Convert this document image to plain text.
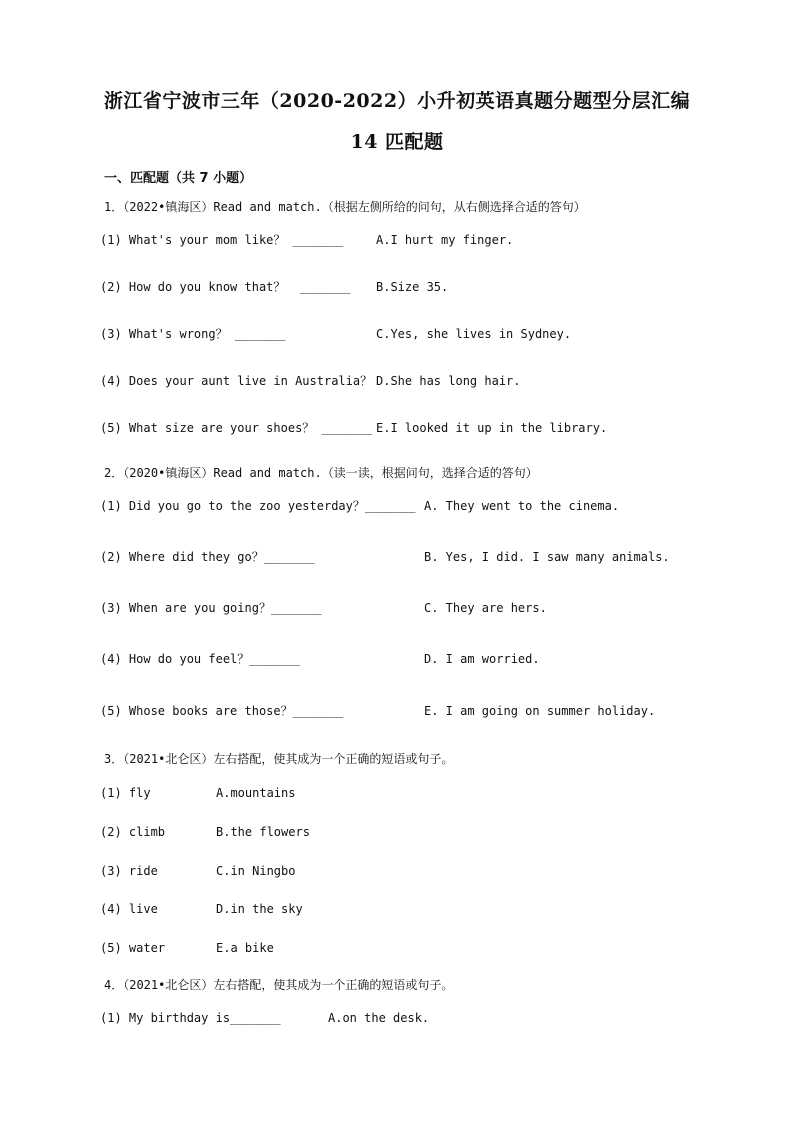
浙江省宁波市三年（2020-2022）小升初英语真题分题型分层汇编
14 匹配题
一、匹配题（共 7 小题）
1．（2022•镇海区）Read and match.（根据左侧所给的问句，从右侧选择合适的答句）
(1) What's your mom like？ _______	A.I hurt my finger.
(2) How do you know that？  _______ B.Size 35.
(3) What's wrong？ _______	C.Yes, she lives in Sydney.
(4) Does your aunt live in Australia？ D.She has long hair.
(5) What size are your shoes？ _______ E.I looked it up in the library.
2．（2020•镇海区）Read and match.（读一读，根据问句，选择合适的答句）
(1) Did you go to the zoo yesterday？_______ A. They went to the cinema.
(2) Where did they go？_______	B. Yes, I did. I saw many animals.
(3) When are you going？_______	C. They are hers.
(4) How do you feel？_______	D. I am worried.
(5) Whose books are those？_______	E. I am going on summer holiday.
3．（2021•北仑区）左右搭配，使其成为一个正确的短语或句子。
(1) fly	A.mountains
(2) climb	B.the flowers
(3) ride	C.in Ningbo
(4) live	D.in the sky
(5) water	E.a bike
4．（2021•北仑区）左右搭配，使其成为一个正确的短语或句子。
(1) My birthday is_______	A.on the desk.
